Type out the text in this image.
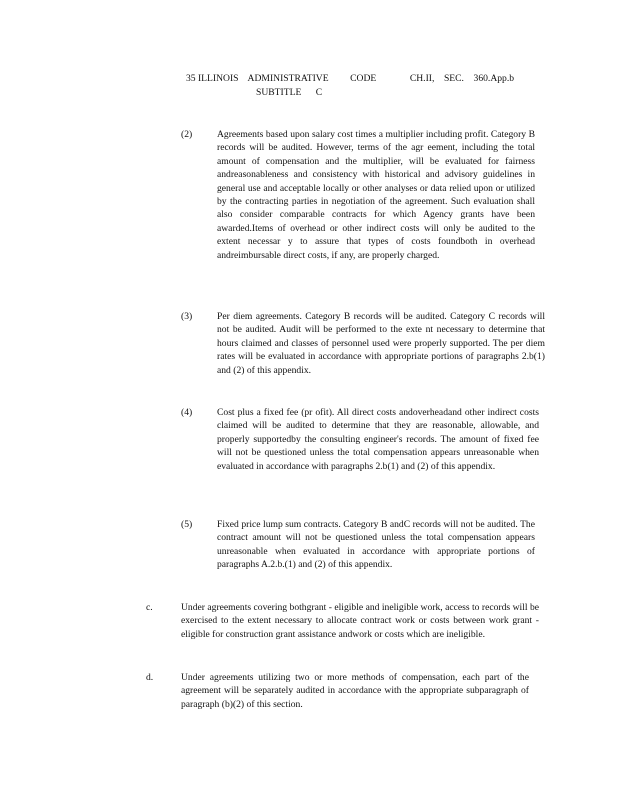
35 ILLINOIS    ADMINISTRATIVE         CODE              CH.II,    SEC.    360.App.b
SUBTITLE      C
(2)	Agreements based upon salary cost times a multiplier including profit. Category B records will be audited. However, terms of the agr eement, including the total amount of compensation and the multiplier, will be evaluated for fairness andreasonableness and consistency with historical and advisory guidelines in general use and acceptable locally or other analyses or data relied upon or utilized by the contracting parties in negotiation of the agreement. Such evaluation shall also consider comparable contracts for which Agency grants have been awarded.Items of overhead or other indirect costs will only be audited to the extent necessar y to assure that types of costs foundboth in overhead andreimbursable direct costs, if any, are properly charged.

(3)	Per diem agreements. Category B records will be audited. Category C records will not be audited. Audit will be performed to the exte nt necessary to determine that hours claimed and classes of personnel used were properly supported. The per diem rates will be evaluated in accordance with appropriate portions of paragraphs 2.b(1) and (2) of this appendix.

(4)	Cost plus a fixed fee (pr ofit). All direct costs andoverheadand other indirect costs claimed will be audited to determine that they are reasonable, allowable, and properly supportedby the consulting engineer's records. The amount of fixed fee will not be questioned unless the total compensation appears unreasonable when evaluated in accordance with paragraphs 2.b(1) and (2) of this appendix.

(5)	Fixed price lump sum contracts. Category B andC records will not be audited. The contract amount will not be questioned unless the total compensation appears unreasonable when evaluated in accordance with appropriate portions of paragraphs A.2.b.(1) and (2) of this appendix.

c.	Under agreements covering bothgrant - eligible and ineligible work, access to records will be exercised to the extent necessary to allocate contract work or costs between work grant -eligible for construction grant assistance andwork or costs which are ineligible.

d.	Under agreements utilizing two or more methods of compensation, each part of the agreement will be separately audited in accordance with the appropriate subparagraph of paragraph (b)(2) of this section.
